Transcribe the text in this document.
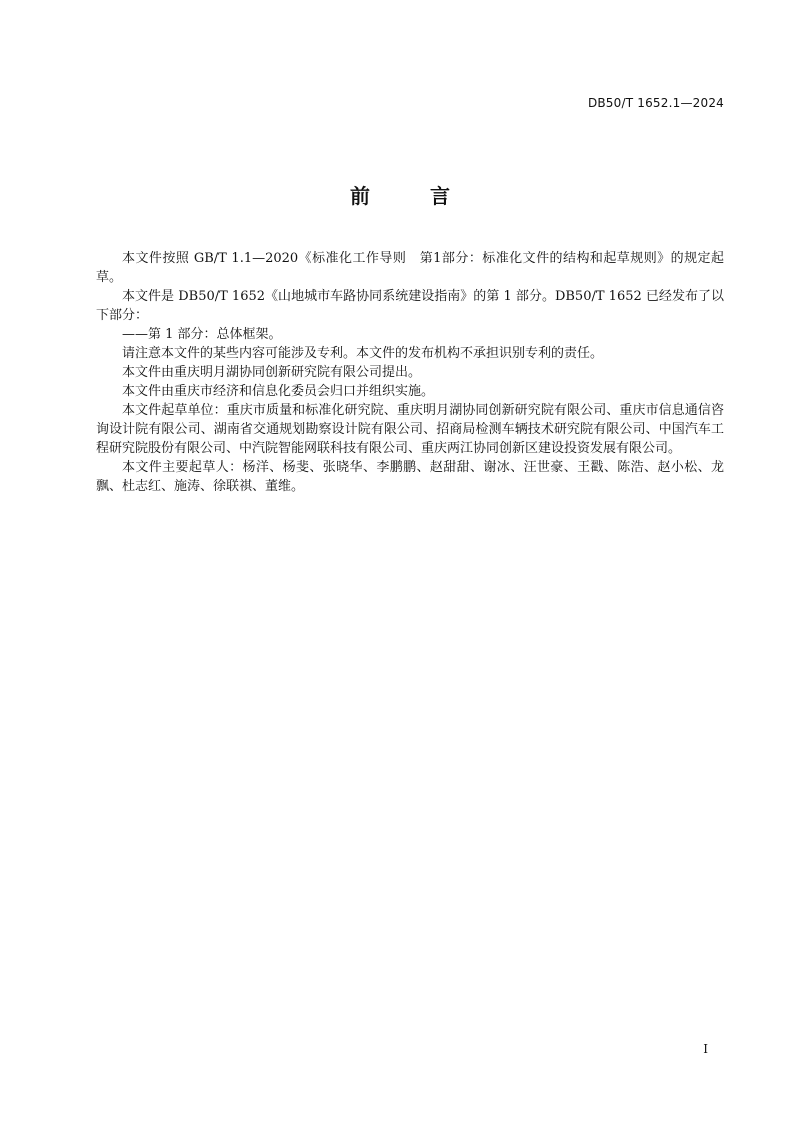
DB50/T 1652.1—2024
前	言

本文件按照 GB/T 1.1—2020《标准化工作导则　第1部分：标准化文件的结构和起草规则》的规定起草。

本文件是 DB50/T 1652《山地城市车路协同系统建设指南》的第 1 部分。DB50/T 1652 已经发布了以下部分：

——第 1 部分：总体框架。

请注意本文件的某些内容可能涉及专利。本文件的发布机构不承担识别专利的责任。

本文件由重庆明月湖协同创新研究院有限公司提出。

本文件由重庆市经济和信息化委员会归口并组织实施。

本文件起草单位：重庆市质量和标准化研究院、重庆明月湖协同创新研究院有限公司、重庆市信息通信咨询设计院有限公司、湖南省交通规划勘察设计院有限公司、招商局检测车辆技术研究院有限公司、中国汽车工程研究院股份有限公司、中汽院智能网联科技有限公司、重庆两江协同创新区建设投资发展有限公司。

本文件主要起草人：杨洋、杨斐、张晓华、李鹏鹏、赵甜甜、谢冰、汪世豪、王戳、陈浩、赵小松、龙飘、杜志红、施涛、徐联祺、董维。

I
